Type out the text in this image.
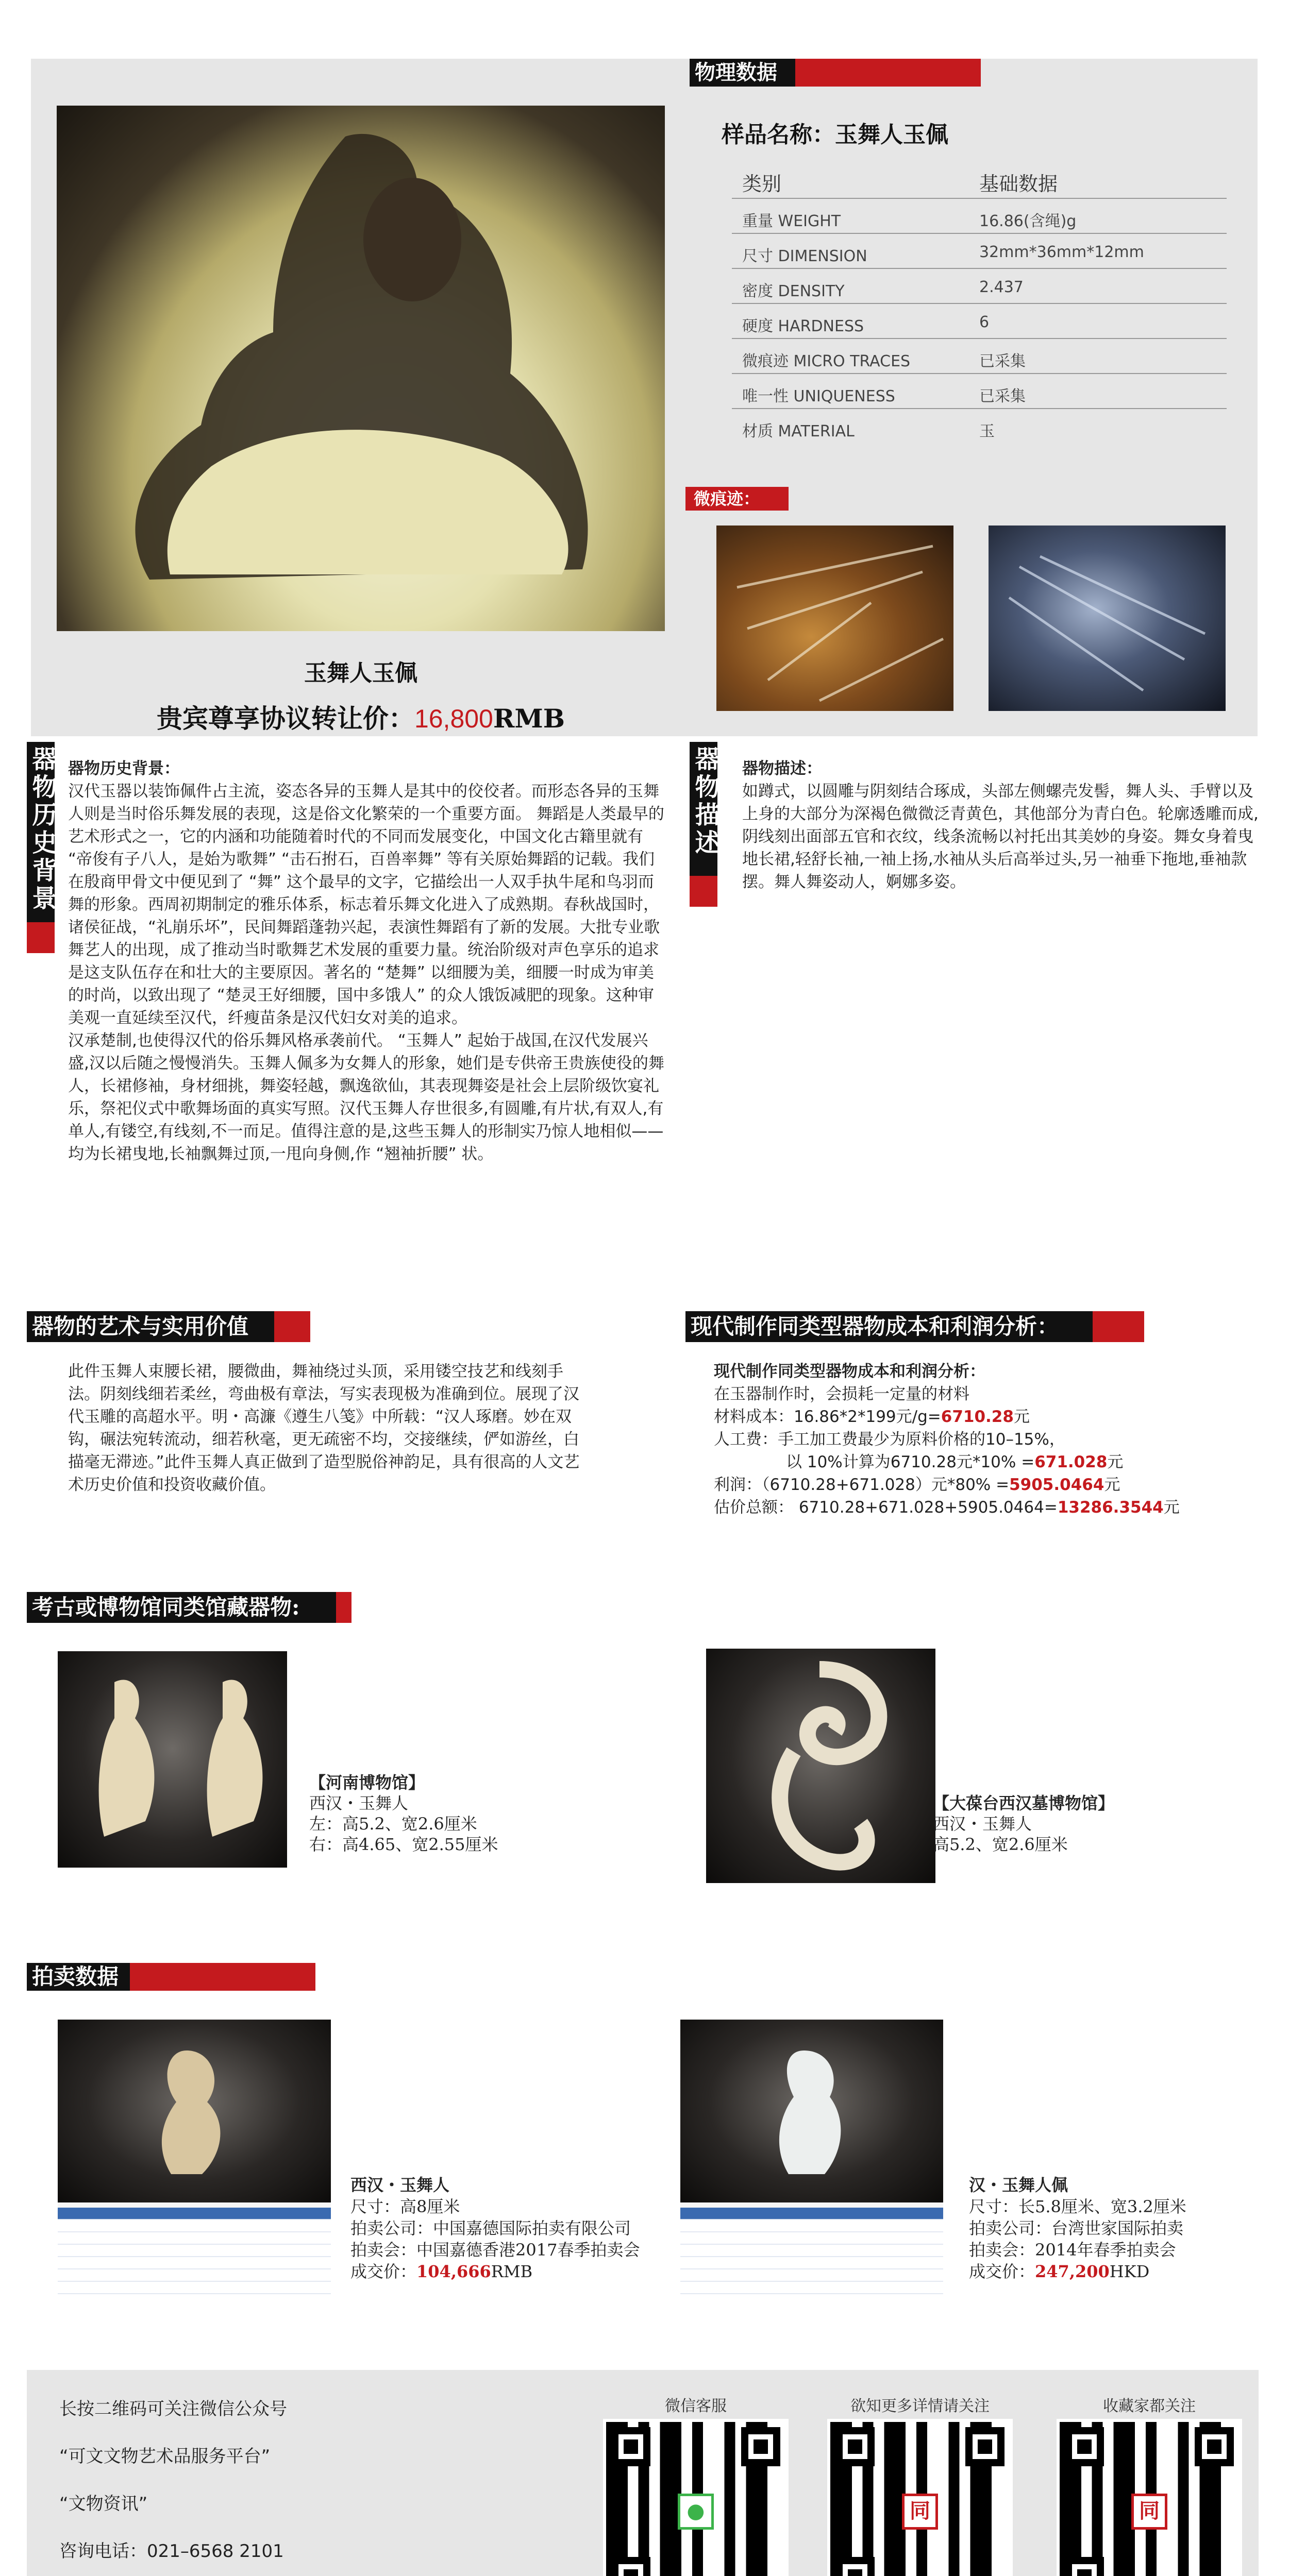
玉舞人玉佩
贵宾尊享协议转让价：16,800RMB
物理数据
样品名称：玉舞人玉佩
类别	基础数据
重量 WEIGHT	16.86(含绳)g
尺寸 DIMENSION	32mm*36mm*12mm
密度 DENSITY	2.437
硬度 HARDNESS	6
微痕迹 MICRO TRACES	已采集
唯一性 UNIQUENESS	已采集
材质 MATERIAL	玉
微痕迹：
器物历史背景 器物历史背景：
汉代玉器以装饰佩件占主流，姿态各异的玉舞人是其中的佼佼者。而形态各异的玉舞人则是当时俗乐舞发展的表现，这是俗文化繁荣的一个重要方面。 舞蹈是人类最早的艺术形式之一，它的内涵和功能随着时代的不同而发展变化，中国文化古籍里就有 “帝俊有子八人，是始为歌舞” “击石拊石，百兽率舞” 等有关原始舞蹈的记载。我们在殷商甲骨文中便见到了 “舞” 这个最早的文字，它描绘出一人双手执牛尾和鸟羽而舞的形象。西周初期制定的雅乐体系，标志着乐舞文化进入了成熟期。春秋战国时，诸侯征战，“礼崩乐坏”，民间舞蹈蓬勃兴起，表演性舞蹈有了新的发展。大批专业歌舞艺人的出现，成了推动当时歌舞艺术发展的重要力量。统治阶级对声色享乐的追求是这支队伍存在和壮大的主要原因。著名的 “楚舞” 以细腰为美，细腰一时成为审美的时尚，以致出现了 “楚灵王好细腰，国中多饿人” 的众人饿饭减肥的现象。这种审美观一直延续至汉代，纤瘦苗条是汉代妇女对美的追求。
汉承楚制,也使得汉代的俗乐舞风格承袭前代。 “玉舞人” 起始于战国,在汉代发展兴盛,汉以后随之慢慢消失。玉舞人佩多为女舞人的形象，她们是专供帝王贵族使役的舞人，长裙修袖，身材细挑，舞姿轻越，飘逸欲仙，其表现舞姿是社会上层阶级饮宴礼乐，祭祀仪式中歌舞场面的真实写照。汉代玉舞人存世很多,有圆雕,有片状,有双人,有单人,有镂空,有线刻,不一而足。值得注意的是,这些玉舞人的形制实乃惊人地相似——均为长裙曳地,长袖飘舞过顶,一甩向身侧,作 “翘袖折腰” 状。
器物描述 器物描述：
如蹲式，以圆雕与阴刻结合琢成，头部左侧螺壳发髻，舞人头、手臂以及上身的大部分为深褐色微微泛青黄色，其他部分为青白色。轮廓透雕而成,阴线刻出面部五官和衣纹，线条流畅以衬托出其美妙的身姿。舞女身着曳地长裙,轻舒长袖,一袖上扬,水袖从头后高举过头,另一袖垂下拖地,垂袖款摆。舞人舞姿动人，婀娜多姿。
器物的艺术与实用价值
此件玉舞人束腰长裙，腰微曲，舞袖绕过头顶，采用镂空技艺和线刻手法。阴刻线细若柔丝，弯曲极有章法，写实表现极为准确到位。展现了汉代玉雕的高超水平。明・高濂《遵生八笺》中所载：“汉人琢磨。妙在双钩，碾法宛转流动，细若秋毫，更无疏密不均，交接继续，俨如游丝，白描毫无滞迹。”此件玉舞人真正做到了造型脱俗神韵足，具有很高的人文艺术历史价值和投资收藏价值。
现代制作同类型器物成本和利润分析：
现代制作同类型器物成本和利润分析：
在玉器制作时，会损耗一定量的材料
材料成本：16.86*2*199元/g=6710.28元
人工费：手工加工费最少为原料价格的10–15%，
以 10%计算为6710.28元*10% =671.028元
利润：（6710.28+671.028）元*80% =5905.0464元
估价总额： 6710.28+671.028+5905.0464=13286.3544元
考古或博物馆同类馆藏器物:
【河南博物馆】
西汉・玉舞人
左：高5.2、宽2.6厘米
右：高4.65、宽2.55厘米
【大葆台西汉墓博物馆】
西汉・玉舞人
高5.2、宽2.6厘米
拍卖数据
西汉・玉舞人
尺寸：高8厘米
拍卖公司：中国嘉德国际拍卖有限公司
拍卖会：中国嘉德香港2017春季拍卖会
成交价：104,666RMB
汉・玉舞人佩
尺寸：长5.8厘米、宽3.2厘米
拍卖公司：台湾世家国际拍卖
拍卖会：2014年春季拍卖会
成交价：247,200HKD
长按二维码可关注微信公众号
“可文文物艺术品服务平台”
“文物资讯”
咨询电话：021–6568 2101
微信客服
●
欲知更多详情请关注
同
收藏家都关注
同
